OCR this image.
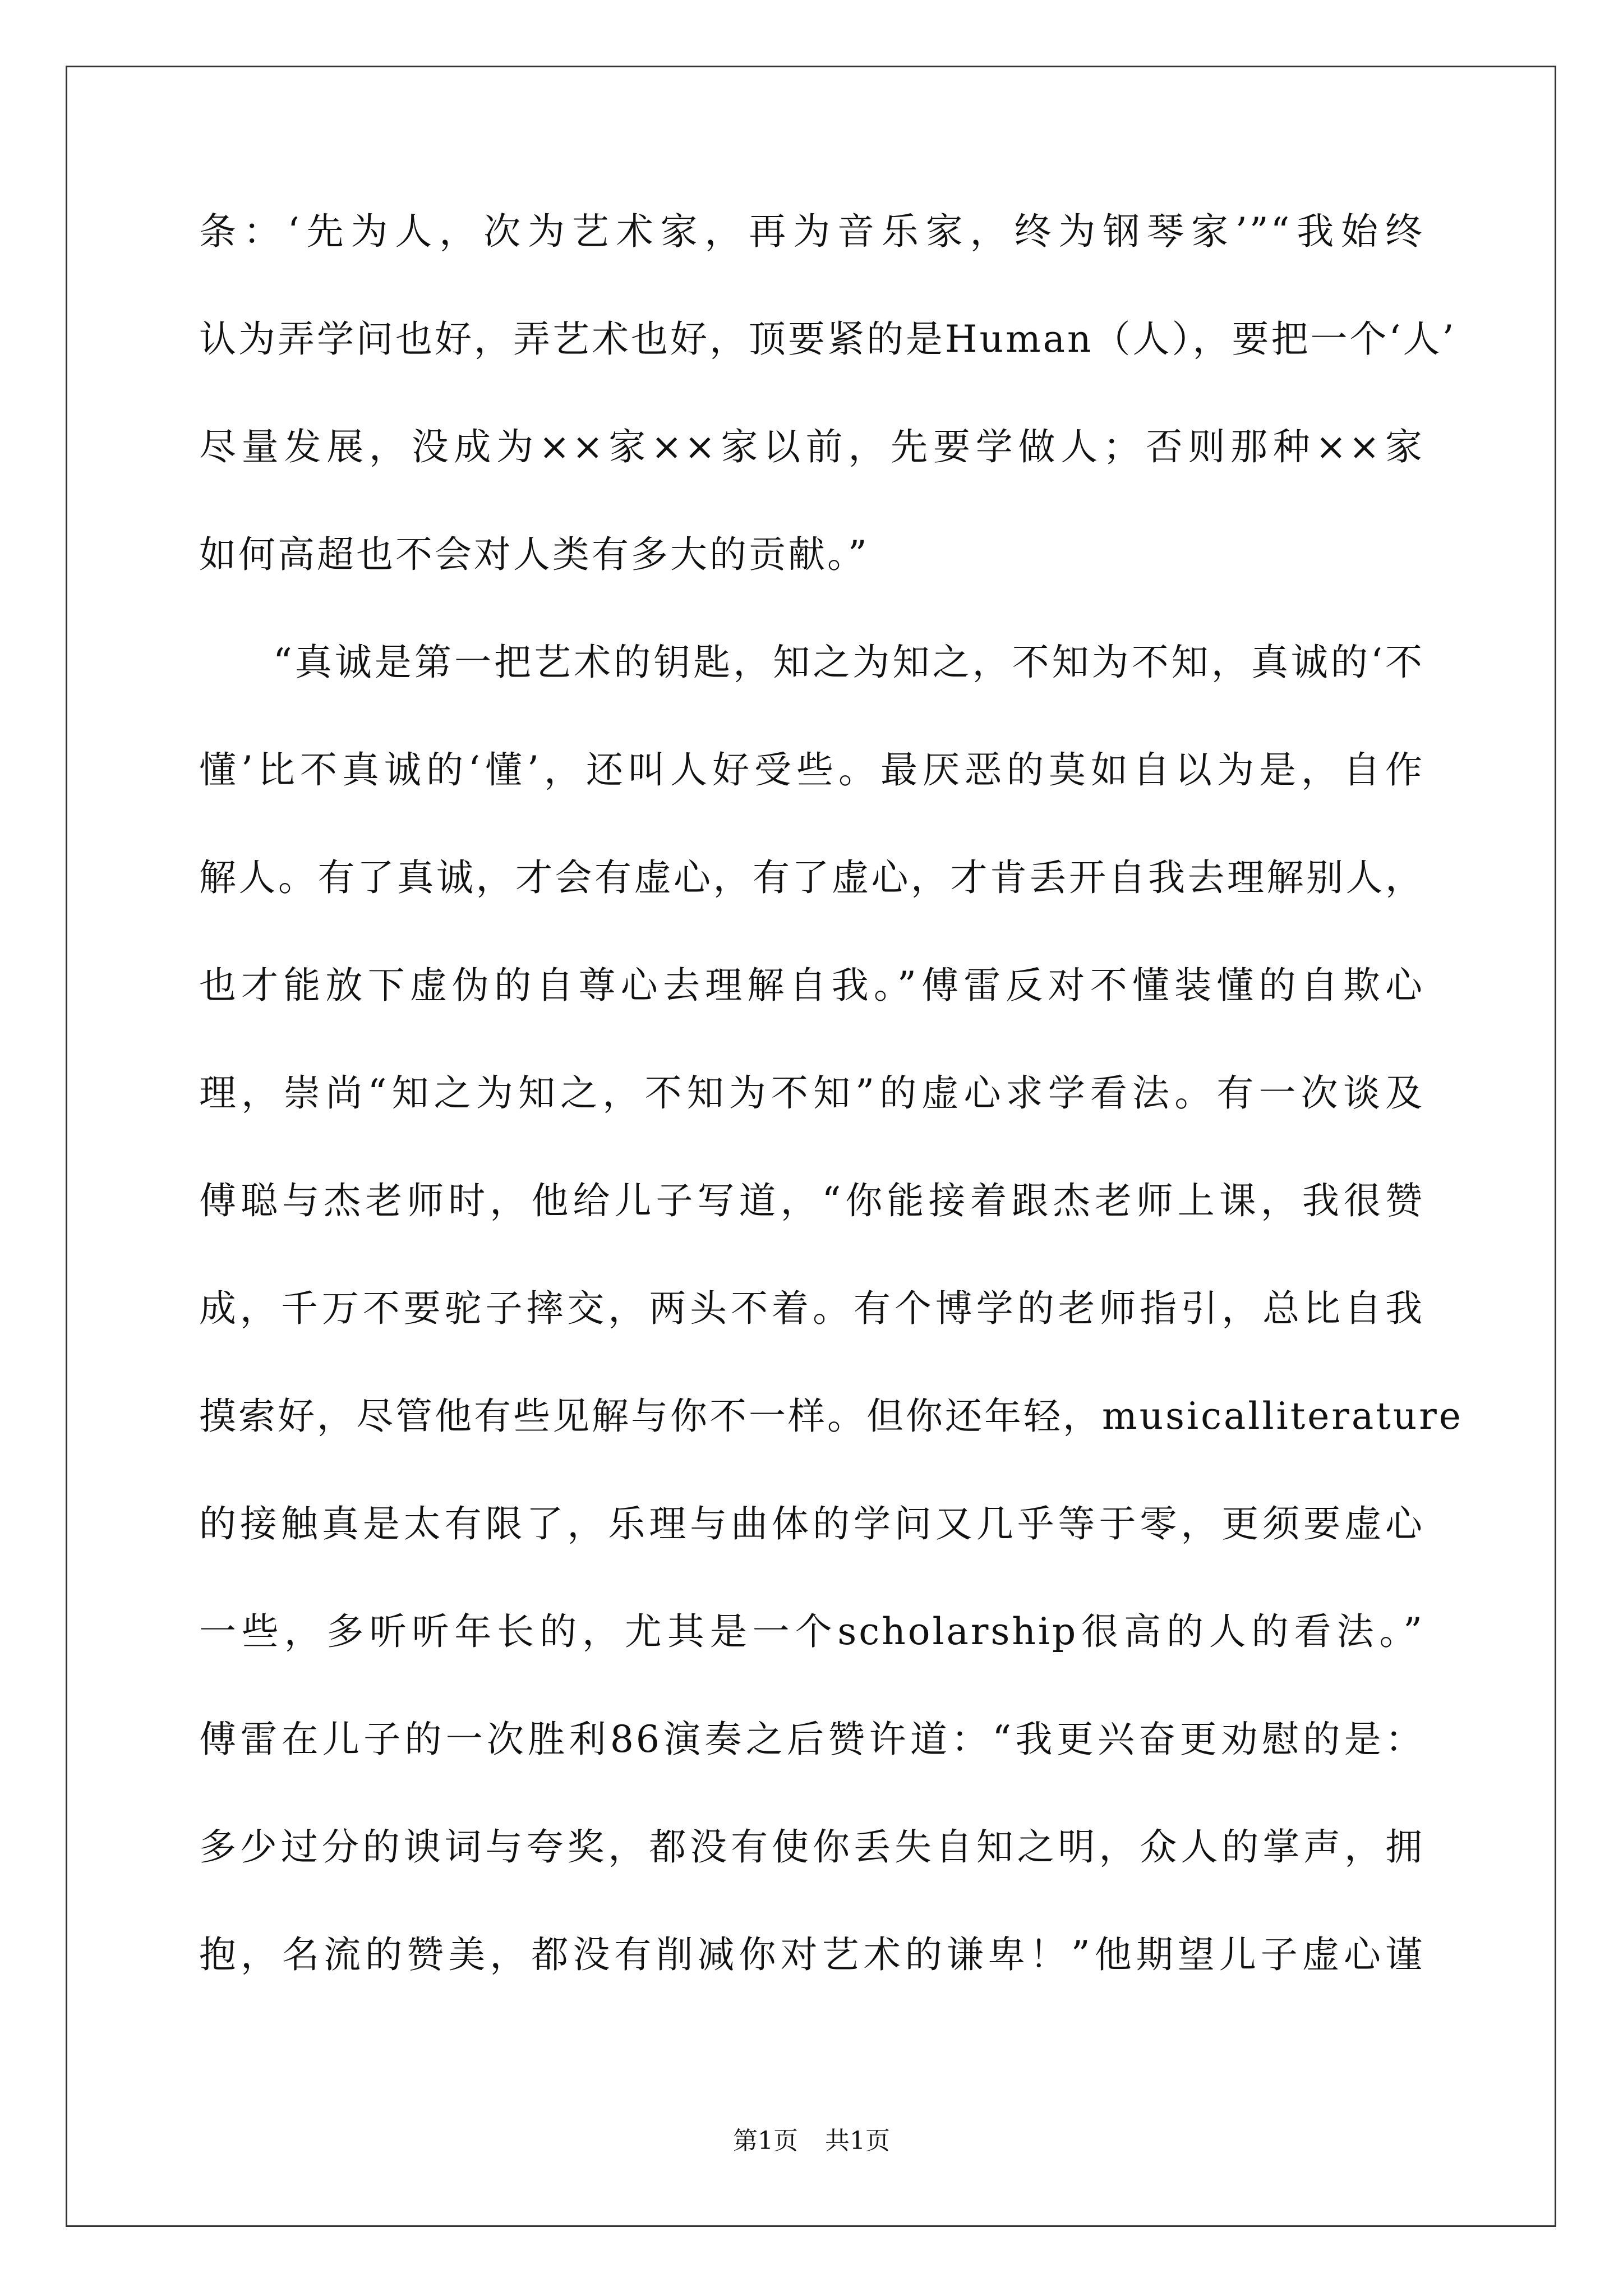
条：‘先为人，次为艺术家，再为音乐家，终为钢琴家’”“我始终
认为弄学问也好，弄艺术也好，顶要紧的是Human（人），要把一个‘人’
尽量发展，没成为××家××家以前，先要学做人；否则那种××家
如何高超也不会对人类有多大的贡献。”
“真诚是第一把艺术的钥匙，知之为知之，不知为不知，真诚的‘不
懂’比不真诚的‘懂’，还叫人好受些。最厌恶的莫如自以为是，自作
解人。有了真诚，才会有虚心，有了虚心，才肯丢开自我去理解别人，
也才能放下虚伪的自尊心去理解自我。”傅雷反对不懂装懂的自欺心
理，崇尚“知之为知之，不知为不知”的虚心求学看法。有一次谈及
傅聪与杰老师时，他给儿子写道，“你能接着跟杰老师上课，我很赞
成，千万不要驼子摔交，两头不着。有个博学的老师指引，总比自我
摸索好，尽管他有些见解与你不一样。但你还年轻，musicalliterature
的接触真是太有限了，乐理与曲体的学问又几乎等于零，更须要虚心
一些，多听听年长的，尤其是一个scholarship很高的人的看法。”
傅雷在儿子的一次胜利86演奏之后赞许道：“我更兴奋更劝慰的是：
多少过分的谀词与夸奖，都没有使你丢失自知之明，众人的掌声，拥
抱，名流的赞美，都没有削减你对艺术的谦卑！”他期望儿子虚心谨
第1页 共1页
